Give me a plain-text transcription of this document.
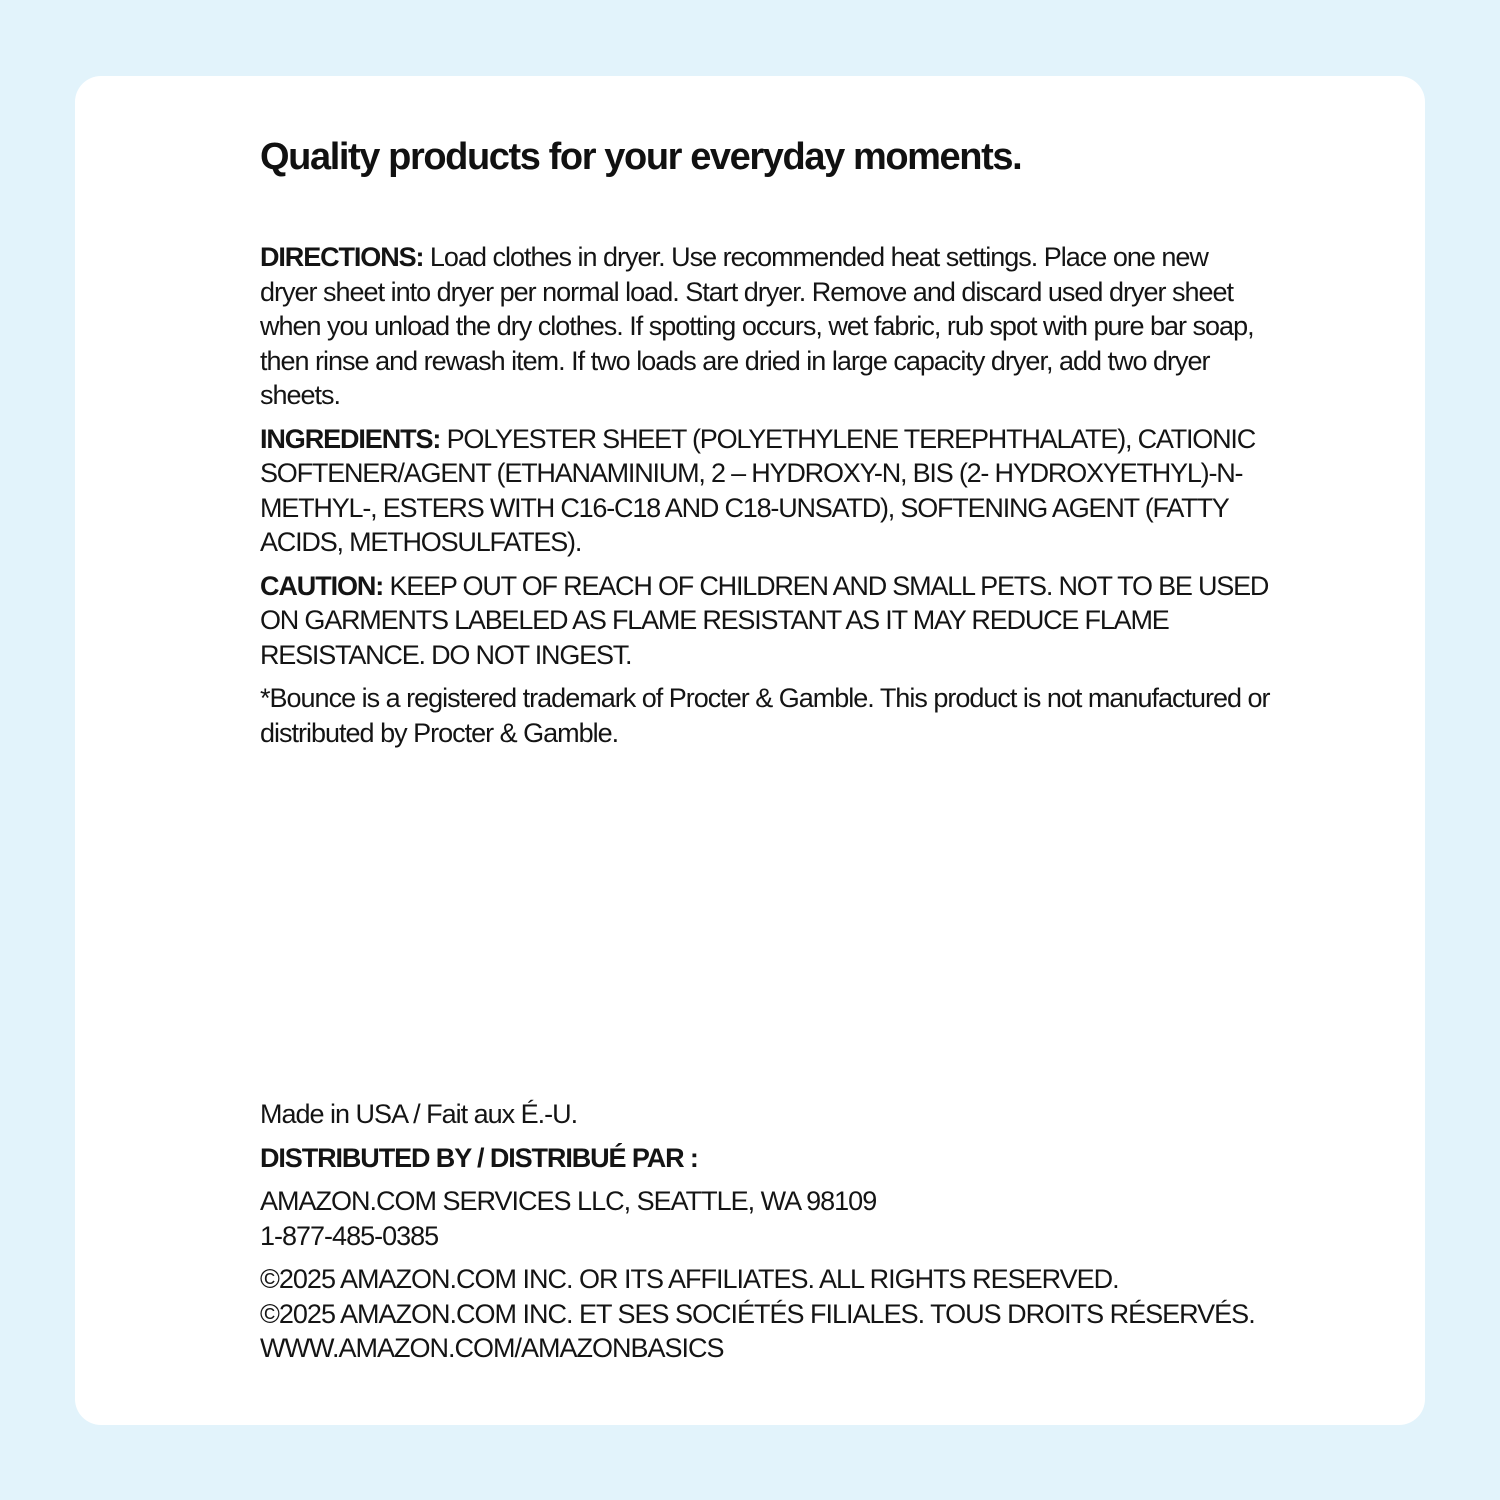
Quality products for your everyday moments.

DIRECTIONS: Load clothes in dryer. Use recommended heat settings. Place one new dryer sheet into dryer per normal load. Start dryer. Remove and discard used dryer sheet when you unload the dry clothes. If spotting occurs, wet fabric, rub spot with pure bar soap, then rinse and rewash item. If two loads are dried in large capacity dryer, add two dryer sheets.

INGREDIENTS: POLYESTER SHEET (POLYETHYLENE TEREPHTHALATE), CATIONIC SOFTENER/AGENT (ETHANAMINIUM, 2 – HYDROXY-N, BIS (2- HYDROXYETHYL)-N-METHYL-, ESTERS WITH C16-C18 AND C18-UNSATD), SOFTENING AGENT (FATTY ACIDS, METHOSULFATES).

CAUTION: KEEP OUT OF REACH OF CHILDREN AND SMALL PETS. NOT TO BE USED ON GARMENTS LABELED AS FLAME RESISTANT AS IT MAY REDUCE FLAME RESISTANCE. DO NOT INGEST.

*Bounce is a registered trademark of Procter & Gamble. This product is not manufactured or distributed by Procter & Gamble.

Made in USA / Fait aux É.-U.

DISTRIBUTED BY / DISTRIBUÉ PAR :

AMAZON.COM SERVICES LLC, SEATTLE, WA 98109

1-877-485-0385

©2025 AMAZON.COM INC. OR ITS AFFILIATES. ALL RIGHTS RESERVED.

©2025 AMAZON.COM INC. ET SES SOCIÉTÉS FILIALES. TOUS DROITS RÉSERVÉS.

WWW.AMAZON.COM/AMAZONBASICS
